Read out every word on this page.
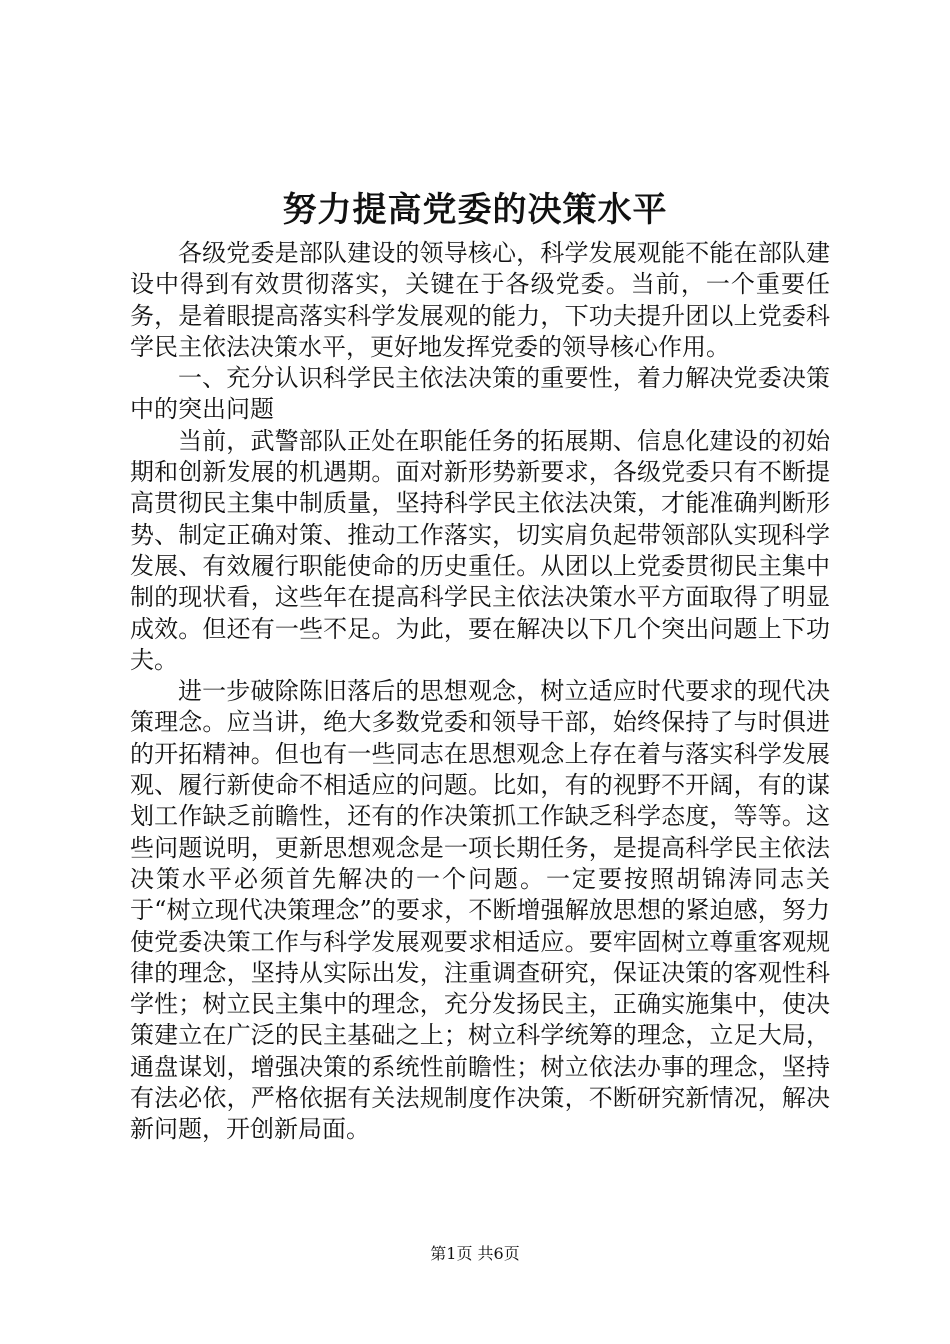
努力提高党委的决策水平

各级党委是部队建设的领导核心，科学发展观能不能在部队建设中得到有效贯彻落实，关键在于各级党委。当前，一个重要任务，是着眼提高落实科学发展观的能力，下功夫提升团以上党委科学民主依法决策水平，更好地发挥党委的领导核心作用。

一、充分认识科学民主依法决策的重要性，着力解决党委决策中的突出问题

当前，武警部队正处在职能任务的拓展期、信息化建设的初始期和创新发展的机遇期。面对新形势新要求，各级党委只有不断提高贯彻民主集中制质量，坚持科学民主依法决策，才能准确判断形势、制定正确对策、推动工作落实，切实肩负起带领部队实现科学发展、有效履行职能使命的历史重任。从团以上党委贯彻民主集中制的现状看，这些年在提高科学民主依法决策水平方面取得了明显成效。但还有一些不足。为此，要在解决以下几个突出问题上下功夫。

进一步破除陈旧落后的思想观念，树立适应时代要求的现代决策理念。应当讲，绝大多数党委和领导干部，始终保持了与时俱进的开拓精神。但也有一些同志在思想观念上存在着与落实科学发展观、履行新使命不相适应的问题。比如，有的视野不开阔，有的谋划工作缺乏前瞻性，还有的作决策抓工作缺乏科学态度，等等。这些问题说明，更新思想观念是一项长期任务，是提高科学民主依法决策水平必须首先解决的一个问题。一定要按照胡锦涛同志关于“树立现代决策理念”的要求，不断增强解放思想的紧迫感，努力使党委决策工作与科学发展观要求相适应。要牢固树立尊重客观规律的理念，坚持从实际出发，注重调查研究，保证决策的客观性科学性；树立民主集中的理念，充分发扬民主，正确实施集中，使决策建立在广泛的民主基础之上；树立科学统筹的理念，立足大局，通盘谋划，增强决策的系统性前瞻性；树立依法办事的理念，坚持有法必依，严格依据有关法规制度作决策，不断研究新情况，解决新问题，开创新局面。

第1页 共6页
